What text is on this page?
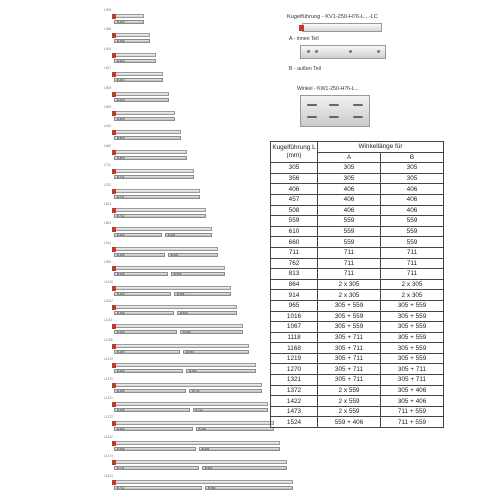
L305
B-305
L356
B-305
L406
B-406
L457
B-406
L508
B-406
L559
B-559
L610
B-559
L660
B-559
L711
B-711
L762
B-711
L813
B-711
L864
B-305	B-305
L914
B-305	B-305
L965
B-305	B-559
L1016
B-305	B-559
L1067
B-305	B-559
L1118
B-305	B-559
L1168
B-305	B-559
L1219
B-305	B-559
L1270
B-305	B-711
L1321
B-305	B-711
L1372
B-305	B-406
L1422
B-305	B-406
L1473
B-711	B-559
L1524
B-711	B-559
Kugelführung - KV1-250-H76-L...-LC
A - innen Teil
B - außen Teil
Winkel - KW1-250-H76-L...
Kugelführung L (mm)	Winkellänge für	
	A	B
305	305	305
356	305	305
406	406	406
457	406	406
508	406	406
559	559	559
610	559	559
660	559	559
711	711	711
762	711	711
813	711	711
864	2 x 305	2 x 305
914	2 x 305	2 x 305
965	305 + 559	305 + 559
1016	305 + 559	305 + 559
1067	305 + 559	305 + 559
1118	305 + 711	305 + 559
1168	305 + 711	305 + 559
1219	305 + 711	305 + 559
1270	305 + 711	305 + 711
1321	305 + 711	305 + 711
1372	2 x 559	305 + 406
1422	2 x 559	305 + 406
1473	2 x 559	711 + 559
1524	559 + 406	711 + 559
